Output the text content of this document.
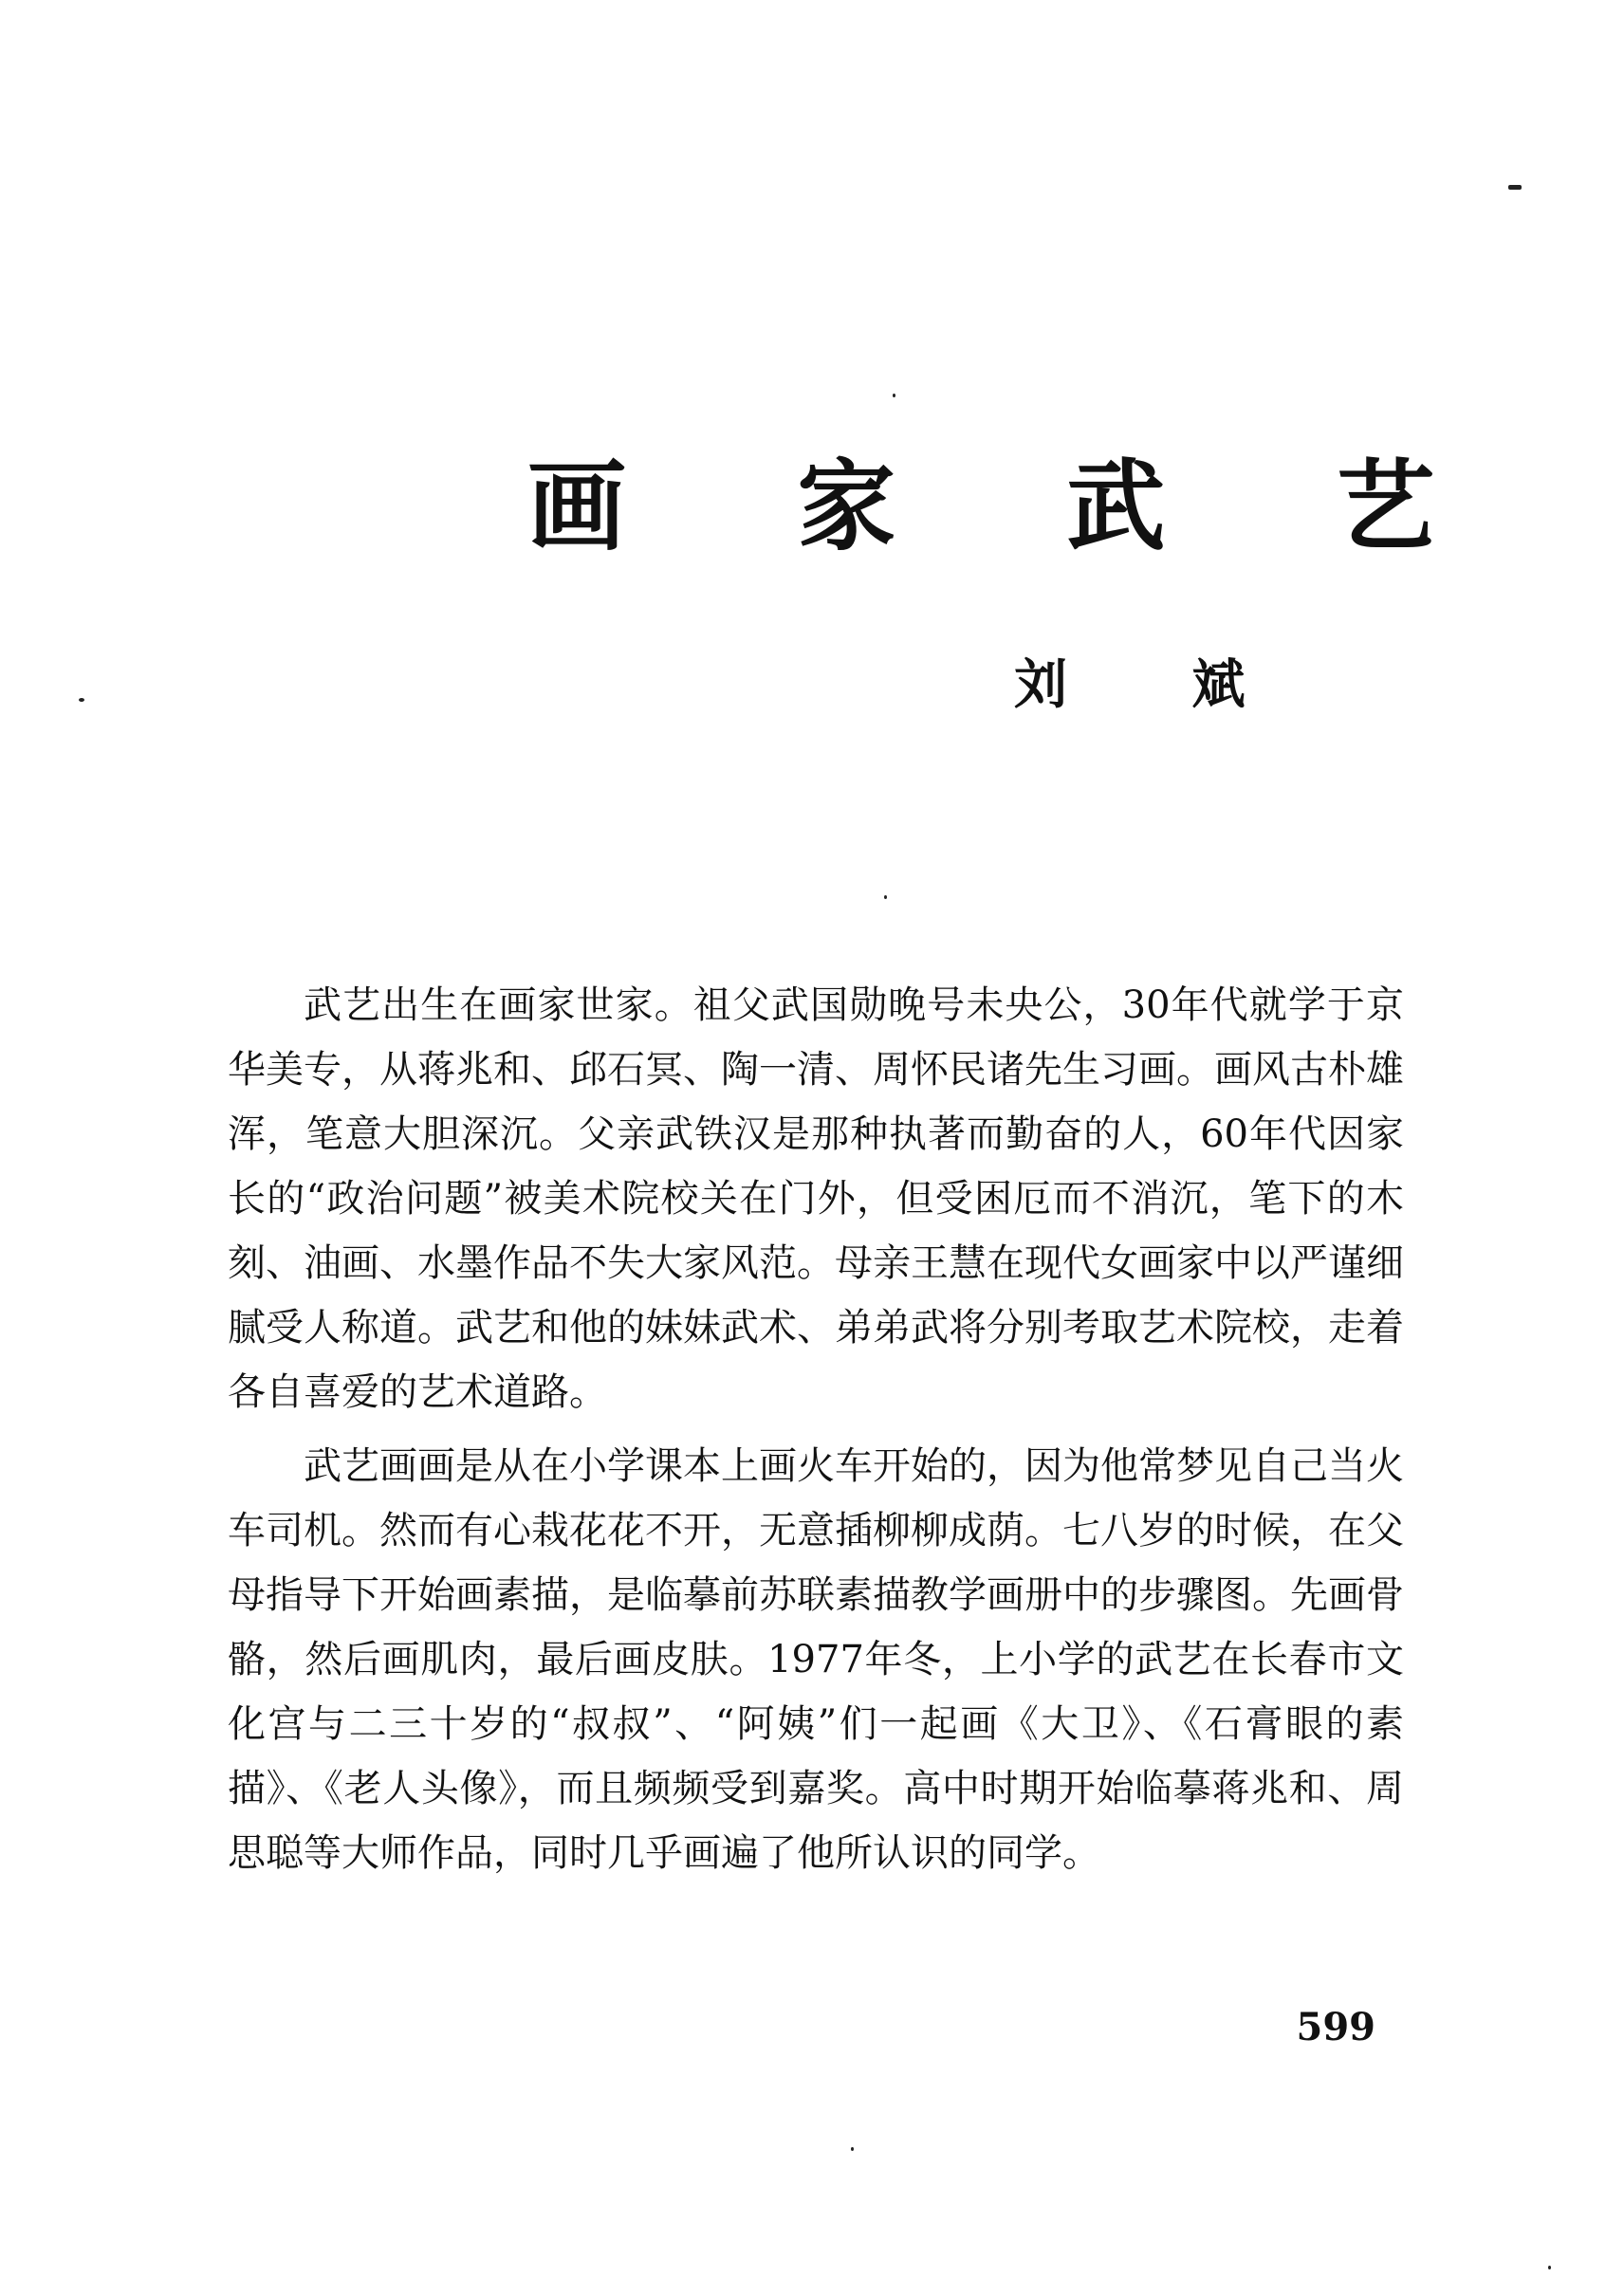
画 家 武 艺
刘 斌

武艺出生在画家世家。祖父武国勋晚号未央公，30年代就学于京华美专，从蒋兆和、邱石冥、陶一清、周怀民诸先生习画。画风古朴雄浑，笔意大胆深沉。父亲武铁汉是那种执著而勤奋的人，60年代因家长的“政治问题”被美术院校关在门外，但受困厄而不消沉，笔下的木刻、油画、水墨作品不失大家风范。母亲王慧在现代女画家中以严谨细腻受人称道。武艺和他的妹妹武术、弟弟武将分别考取艺术院校，走着各自喜爱的艺术道路。

武艺画画是从在小学课本上画火车开始的，因为他常梦见自己当火车司机。然而有心栽花花不开，无意插柳柳成荫。七八岁的时候，在父母指导下开始画素描，是临摹前苏联素描教学画册中的步骤图。先画骨骼，然后画肌肉，最后画皮肤。1977年冬，上小学的武艺在长春市文化宫与二三十岁的“叔叔”、“阿姨”们一起画《大卫》、《石膏眼的素描》、《老人头像》，而且频频受到嘉奖。高中时期开始临摹蒋兆和、周思聪等大师作品，同时几乎画遍了他所认识的同学。

599
